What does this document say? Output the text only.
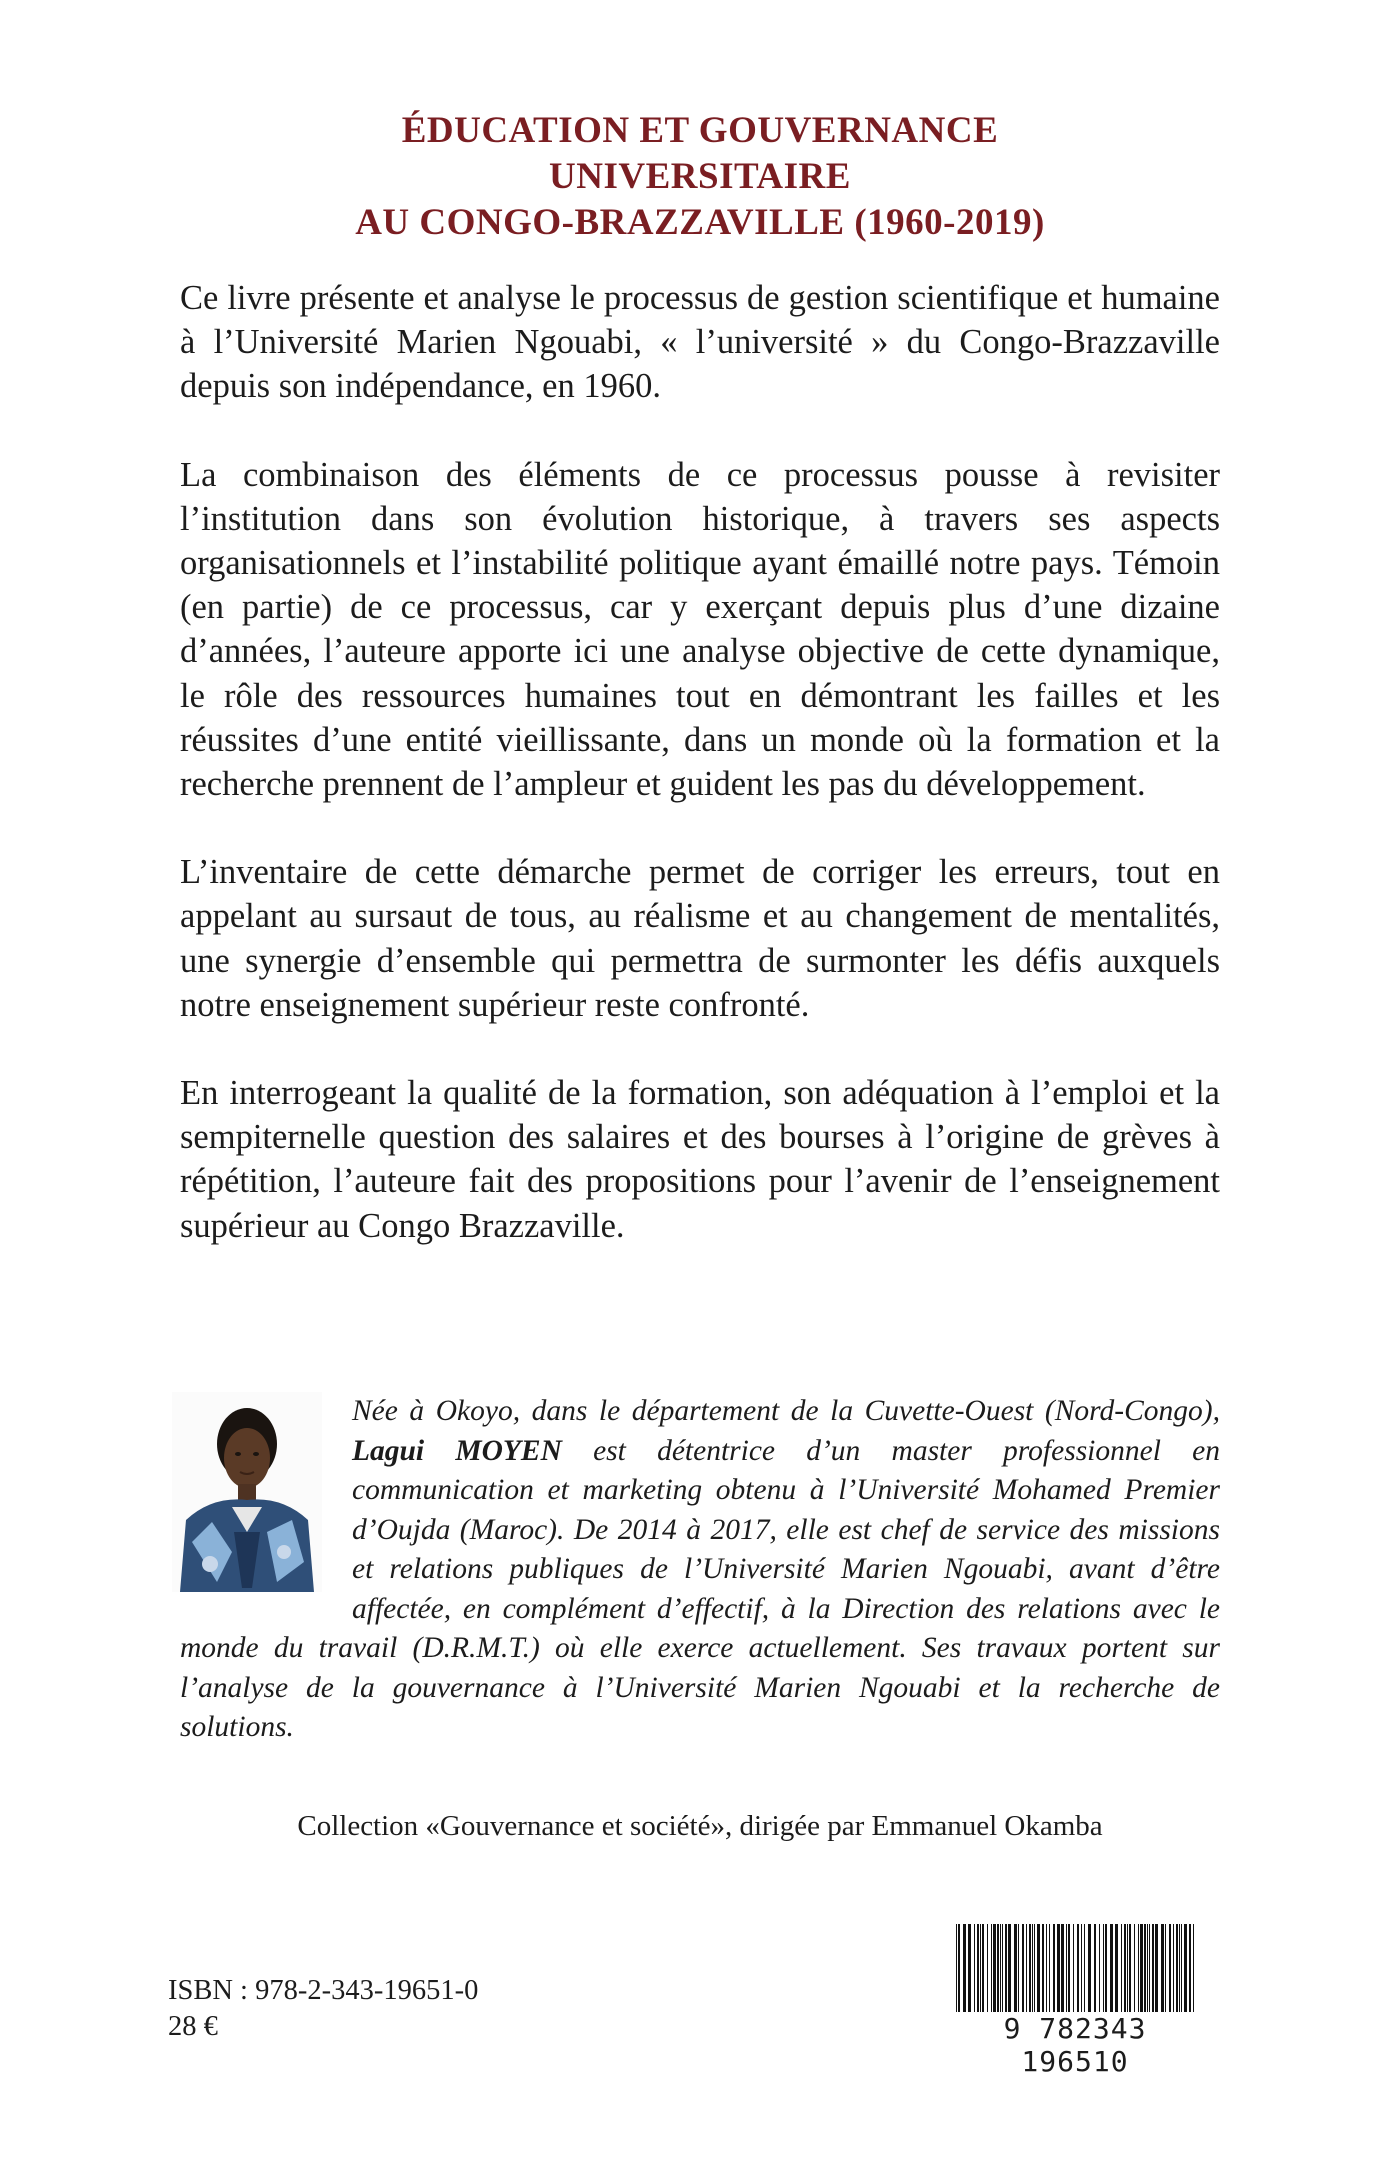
ÉDUCATION ET GOUVERNANCE
UNIVERSITAIRE
AU CONGO-BRAZZAVILLE (1960-2019)

Ce livre présente et analyse le processus de gestion scientifique et humaine à l’Université Marien Ngouabi, « l’université » du Congo-Brazzaville depuis son indépendance, en 1960.

La combinaison des éléments de ce processus pousse à revisiter l’institution dans son évolution historique, à travers ses aspects organisationnels et l’instabilité politique ayant émaillé notre pays. Témoin (en partie) de ce processus, car y exerçant depuis plus d’une dizaine d’années, l’auteure apporte ici une analyse objective de cette dynamique, le rôle des ressources humaines tout en démontrant les failles et les réussites d’une entité vieillissante, dans un monde où la formation et la recherche prennent de l’ampleur et guident les pas du développement.

L’inventaire de cette démarche permet de corriger les erreurs, tout en appelant au sursaut de tous, au réalisme et au changement de mentalités, une synergie d’ensemble qui permettra de surmonter les défis auxquels notre enseignement supérieur reste confronté.

En interrogeant la qualité de la formation, son adéquation à l’emploi et la sempiternelle question des salaires et des bourses à l’origine de grèves à répétition, l’auteure fait des propositions pour l’avenir de l’enseignement supérieur au Congo Brazzaville.

Née à Okoyo, dans le département de la Cuvette-Ouest (Nord-Congo), Lagui MOYEN est détentrice d’un master professionnel en communication et marketing obtenu à l’Université Mohamed Premier d’Oujda (Maroc). De 2014 à 2017, elle est chef de service des missions et relations publiques de l’Université Marien Ngouabi, avant d’être affectée, en complément d’effectif, à la Direction des relations avec le monde du travail (D.R.M.T.) où elle exerce actuellement. Ses travaux portent sur l’analyse de la gouvernance à l’Université Marien Ngouabi et la recherche de solutions.
Collection «Gouvernance et société», dirigée par Emmanuel Okamba
ISBN : 978-2-343-19651-0
28 €	9 782343 196510
